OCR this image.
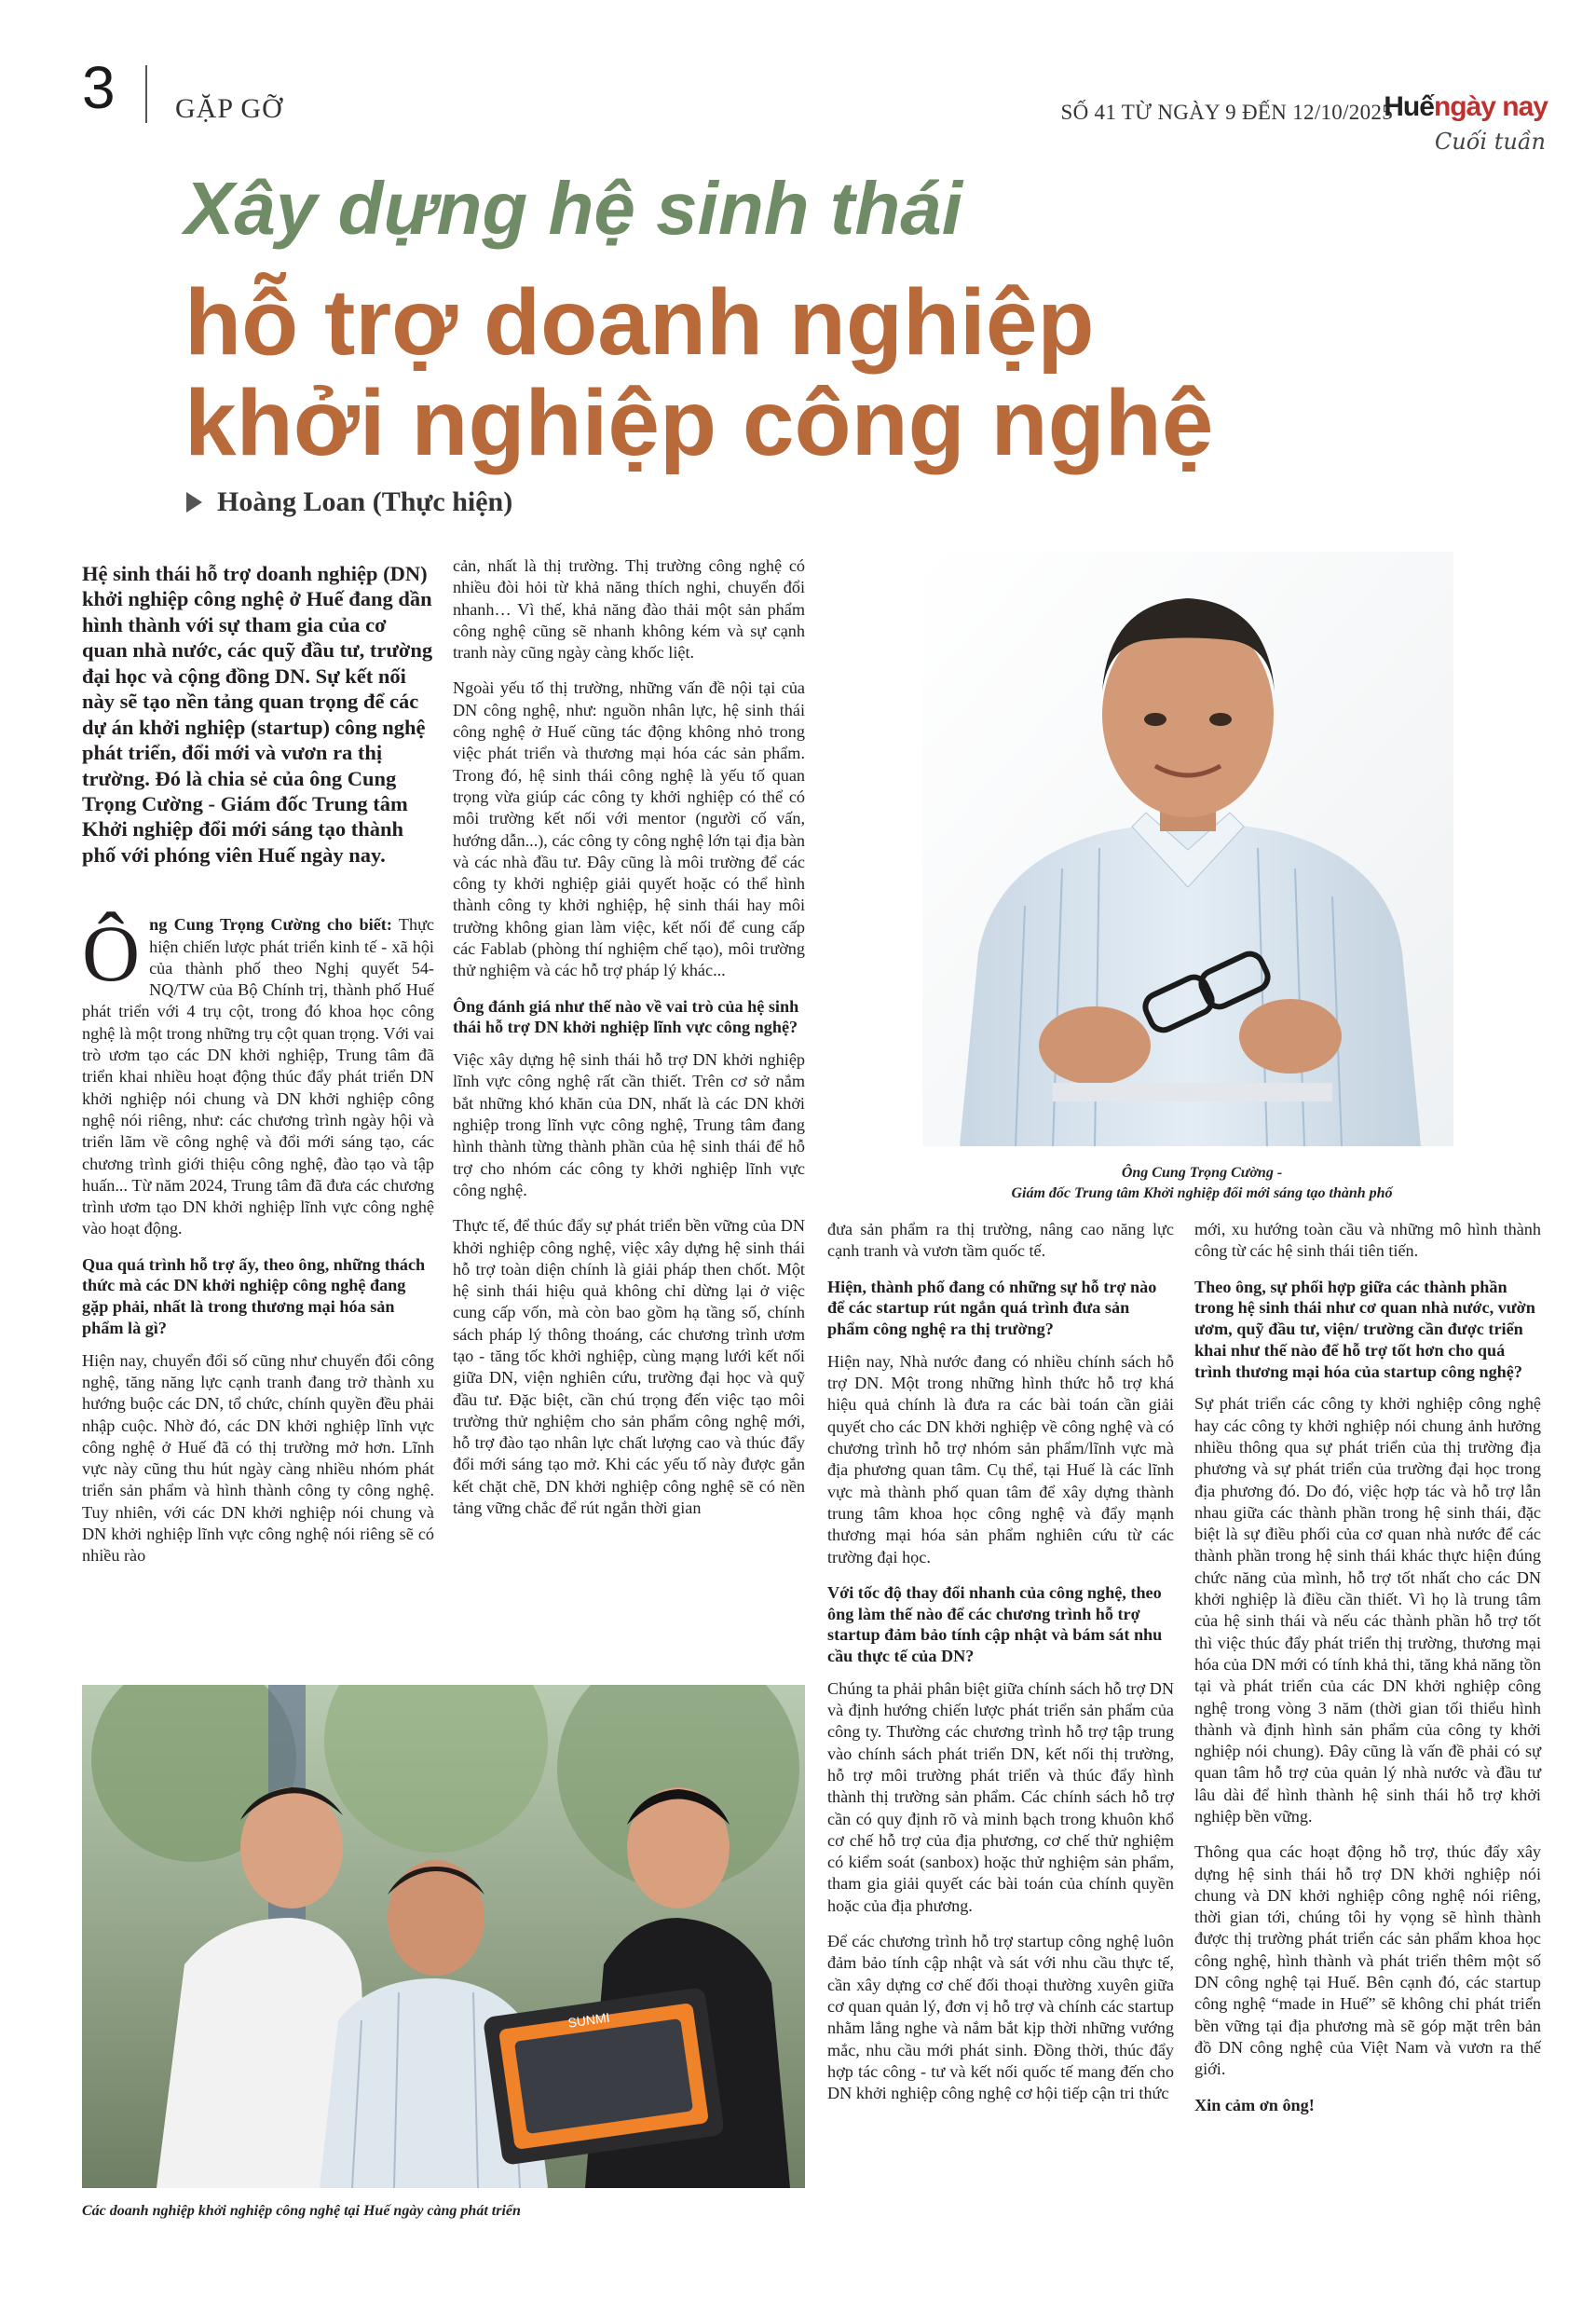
3 GẶP GỠ	SỐ 41 TỪ NGÀY 9 ĐẾN 12/10/2025
Huếngày nay
Cuối tuần
Xây dựng hệ sinh thái
hỗ trợ doanh nghiệp
khởi nghiệp công nghệ
Hoàng Loan (Thực hiện)

Hệ sinh thái hỗ trợ doanh nghiệp (DN) khởi nghiệp công nghệ ở Huế đang dần hình thành với sự tham gia của cơ quan nhà nước, các quỹ đầu tư, trường đại học và cộng đồng DN. Sự kết nối này sẽ tạo nền tảng quan trọng để các dự án khởi nghiệp (startup) công nghệ phát triển, đổi mới và vươn ra thị trường. Đó là chia sẻ của ông Cung Trọng Cường - Giám đốc Trung tâm Khởi nghiệp đổi mới sáng tạo thành phố với phóng viên Huế ngày nay.

Ông Cung Trọng Cường cho biết: Thực hiện chiến lược phát triển kinh tế - xã hội của thành phố theo Nghị quyết 54-NQ/TW của Bộ Chính trị, thành phố Huế phát triển với 4 trụ cột, trong đó khoa học công nghệ là một trong những trụ cột quan trọng. Với vai trò ươm tạo các DN khởi nghiệp, Trung tâm đã triển khai nhiều hoạt động thúc đẩy phát triển DN khởi nghiệp nói chung và DN khởi nghiệp công nghệ nói riêng, như: các chương trình ngày hội và triển lãm về công nghệ và đổi mới sáng tạo, các chương trình giới thiệu công nghệ, đào tạo và tập huấn... Từ năm 2024, Trung tâm đã đưa các chương trình ươm tạo DN khởi nghiệp lĩnh vực công nghệ vào hoạt động.

Qua quá trình hỗ trợ ấy, theo ông, những thách thức mà các DN khởi nghiệp công nghệ đang gặp phải, nhất là trong thương mại hóa sản phẩm là gì?

Hiện nay, chuyển đổi số cũng như chuyển đổi công nghệ, tăng năng lực cạnh tranh đang trở thành xu hướng buộc các DN, tổ chức, chính quyền đều phải nhập cuộc. Nhờ đó, các DN khởi nghiệp lĩnh vực công nghệ ở Huế đã có thị trường mở hơn. Lĩnh vực này cũng thu hút ngày càng nhiều nhóm phát triển sản phẩm và hình thành công ty công nghệ. Tuy nhiên, với các DN khởi nghiệp nói chung và DN khởi nghiệp lĩnh vực công nghệ nói riêng sẽ có nhiều rào

cản, nhất là thị trường. Thị trường công nghệ có nhiều đòi hỏi từ khả năng thích nghi, chuyển đổi nhanh… Vì thế, khả năng đào thải một sản phẩm công nghệ cũng sẽ nhanh không kém và sự cạnh tranh này cũng ngày càng khốc liệt.

Ngoài yếu tố thị trường, những vấn đề nội tại của DN công nghệ, như: nguồn nhân lực, hệ sinh thái công nghệ ở Huế cũng tác động không nhỏ trong việc phát triển và thương mại hóa các sản phẩm. Trong đó, hệ sinh thái công nghệ là yếu tố quan trọng vừa giúp các công ty khởi nghiệp có thể có môi trường kết nối với mentor (người cố vấn, hướng dẫn...), các công ty công nghệ lớn tại địa bàn và các nhà đầu tư. Đây cũng là môi trường để các công ty khởi nghiệp giải quyết hoặc có thể hình thành công ty khởi nghiệp, hệ sinh thái hay môi trường không gian làm việc, kết nối để cung cấp các Fablab (phòng thí nghiệm chế tạo), môi trường thử nghiệm và các hỗ trợ pháp lý khác...

Ông đánh giá như thế nào về vai trò của hệ sinh thái hỗ trợ DN khởi nghiệp lĩnh vực công nghệ?

Việc xây dựng hệ sinh thái hỗ trợ DN khởi nghiệp lĩnh vực công nghệ rất cần thiết. Trên cơ sở nắm bắt những khó khăn của DN, nhất là các DN khởi nghiệp trong lĩnh vực công nghệ, Trung tâm đang hình thành từng thành phần của hệ sinh thái để hỗ trợ cho nhóm các công ty khởi nghiệp lĩnh vực công nghệ.

Thực tế, để thúc đẩy sự phát triển bền vững của DN khởi nghiệp công nghệ, việc xây dựng hệ sinh thái hỗ trợ toàn diện chính là giải pháp then chốt. Một hệ sinh thái hiệu quả không chỉ dừng lại ở việc cung cấp vốn, mà còn bao gồm hạ tầng số, chính sách pháp lý thông thoáng, các chương trình ươm tạo - tăng tốc khởi nghiệp, cùng mạng lưới kết nối giữa DN, viện nghiên cứu, trường đại học và quỹ đầu tư. Đặc biệt, cần chú trọng đến việc tạo môi trường thử nghiệm cho sản phẩm công nghệ mới, hỗ trợ đào tạo nhân lực chất lượng cao và thúc đẩy đổi mới sáng tạo mở. Khi các yếu tố này được gắn kết chặt chẽ, DN khởi nghiệp công nghệ sẽ có nền tảng vững chắc để rút ngắn thời gian

Ông Cung Trọng Cường -
Giám đốc Trung tâm Khởi nghiệp đổi mới sáng tạo thành phố

đưa sản phẩm ra thị trường, nâng cao năng lực cạnh tranh và vươn tầm quốc tế.

Hiện, thành phố đang có những sự hỗ trợ nào để các startup rút ngắn quá trình đưa sản phẩm công nghệ ra thị trường?

Hiện nay, Nhà nước đang có nhiều chính sách hỗ trợ DN. Một trong những hình thức hỗ trợ khá hiệu quả chính là đưa ra các bài toán cần giải quyết cho các DN khởi nghiệp về công nghệ và có chương trình hỗ trợ nhóm sản phẩm/lĩnh vực mà địa phương quan tâm. Cụ thể, tại Huế là các lĩnh vực mà thành phố quan tâm để xây dựng thành trung tâm khoa học công nghệ và đẩy mạnh thương mại hóa sản phẩm nghiên cứu từ các trường đại học.

Với tốc độ thay đổi nhanh của công nghệ, theo ông làm thế nào để các chương trình hỗ trợ startup đảm bảo tính cập nhật và bám sát nhu cầu thực tế của DN?

Chúng ta phải phân biệt giữa chính sách hỗ trợ DN và định hướng chiến lược phát triển sản phẩm của công ty. Thường các chương trình hỗ trợ tập trung vào chính sách phát triển DN, kết nối thị trường, hỗ trợ môi trường phát triển và thúc đẩy hình thành thị trường sản phẩm. Các chính sách hỗ trợ cần có quy định rõ và minh bạch trong khuôn khổ cơ chế hỗ trợ của địa phương, cơ chế thử nghiệm có kiểm soát (sanbox) hoặc thử nghiệm sản phẩm, tham gia giải quyết các bài toán của chính quyền hoặc của địa phương.

Để các chương trình hỗ trợ startup công nghệ luôn đảm bảo tính cập nhật và sát với nhu cầu thực tế, cần xây dựng cơ chế đối thoại thường xuyên giữa cơ quan quản lý, đơn vị hỗ trợ và chính các startup nhằm lắng nghe và nắm bắt kịp thời những vướng mắc, nhu cầu mới phát sinh. Đồng thời, thúc đẩy hợp tác công - tư và kết nối quốc tế mang đến cho DN khởi nghiệp công nghệ cơ hội tiếp cận tri thức

mới, xu hướng toàn cầu và những mô hình thành công từ các hệ sinh thái tiên tiến.

Theo ông, sự phối hợp giữa các thành phần trong hệ sinh thái như cơ quan nhà nước, vườn ươm, quỹ đầu tư, viện/ trường cần được triển khai như thế nào để hỗ trợ tốt hơn cho quá trình thương mại hóa của startup công nghệ?

Sự phát triển các công ty khởi nghiệp công nghệ hay các công ty khởi nghiệp nói chung ảnh hưởng nhiều thông qua sự phát triển của thị trường địa phương và sự phát triển của trường đại học trong địa phương đó. Do đó, việc hợp tác và hỗ trợ lẫn nhau giữa các thành phần trong hệ sinh thái, đặc biệt là sự điều phối của cơ quan nhà nước để các thành phần trong hệ sinh thái khác thực hiện đúng chức năng của mình, hỗ trợ tốt nhất cho các DN khởi nghiệp là điều cần thiết. Vì họ là trung tâm của hệ sinh thái và nếu các thành phần hỗ trợ tốt thì việc thúc đẩy phát triển thị trường, thương mại hóa của DN mới có tính khả thi, tăng khả năng tồn tại và phát triển của các DN khởi nghiệp công nghệ trong vòng 3 năm (thời gian tối thiểu hình thành và định hình sản phẩm của công ty khởi nghiệp nói chung). Đây cũng là vấn đề phải có sự quan tâm hỗ trợ của quản lý nhà nước và đầu tư lâu dài để hình thành hệ sinh thái hỗ trợ khởi nghiệp bền vững.

Thông qua các hoạt động hỗ trợ, thúc đẩy xây dựng hệ sinh thái hỗ trợ DN khởi nghiệp nói chung và DN khởi nghiệp công nghệ nói riêng, thời gian tới, chúng tôi hy vọng sẽ hình thành được thị trường phát triển các sản phẩm khoa học công nghệ, hình thành và phát triển thêm một số DN công nghệ tại Huế. Bên cạnh đó, các startup công nghệ “made in Huế” sẽ không chỉ phát triển bền vững tại địa phương mà sẽ góp mặt trên bản đồ DN công nghệ của Việt Nam và vươn ra thế giới.

Xin cảm ơn ông!

SUNMI
Các doanh nghiệp khởi nghiệp công nghệ tại Huế ngày càng phát triển
